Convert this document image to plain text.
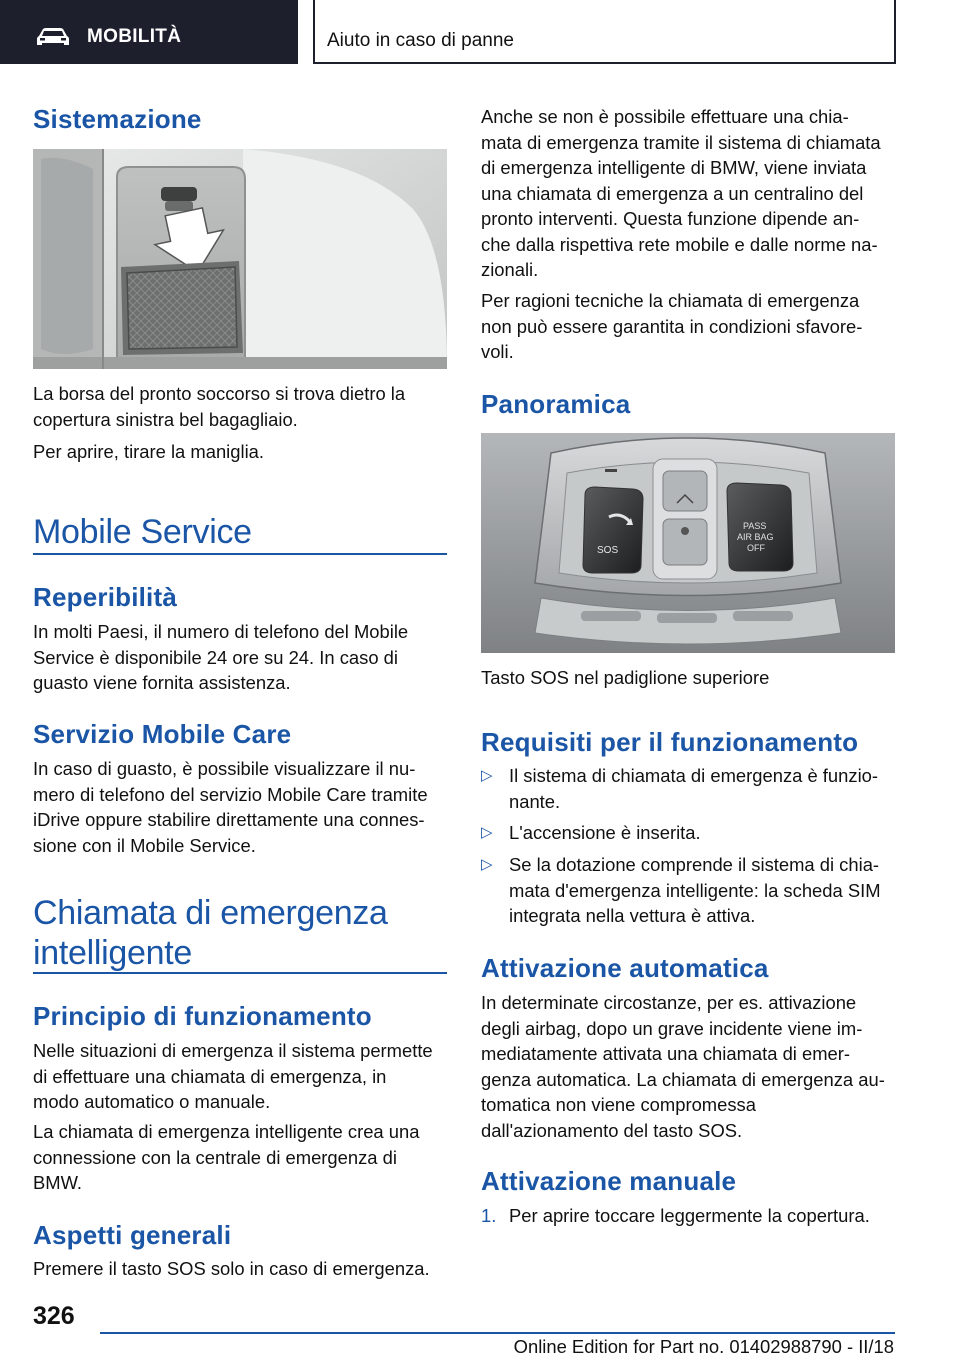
MOBILITÀ	Aiuto in caso di panne
Sistemazione
La borsa del pronto soccorso si trova dietro la
copertura sinistra bel bagagliaio.
Per aprire, tirare la maniglia.
Mobile Service
Reperibilità
In molti Paesi, il numero di telefono del Mobile
Service è disponibile 24 ore su 24. In caso di
guasto viene fornita assistenza.
Servizio Mobile Care
In caso di guasto, è possibile visualizzare il nu-
mero di telefono del servizio Mobile Care tramite
iDrive oppure stabilire direttamente una connes-
sione con il Mobile Service.
Chiamata di emergenza
intelligente
Principio di funzionamento
Nelle situazioni di emergenza il sistema permette
di effettuare una chiamata di emergenza, in
modo automatico o manuale.
La chiamata di emergenza intelligente crea una
connessione con la centrale di emergenza di
BMW.
Aspetti generali
Premere il tasto SOS solo in caso di emergenza.
Anche se non è possibile effettuare una chia-
mata di emergenza tramite il sistema di chiamata
di emergenza intelligente di BMW, viene inviata
una chiamata di emergenza a un centralino del
pronto interventi. Questa funzione dipende an-
che dalla rispettiva rete mobile e dalle norme na-
zionali.
Per ragioni tecniche la chiamata di emergenza
non può essere garantita in condizioni sfavore-
voli.
Panoramica
SOS
PASS
AIR BAG
OFF
Tasto SOS nel padiglione superiore
Requisiti per il funzionamento
▷ Il sistema di chiamata di emergenza è funzio-
nante.
▷ L'accensione è inserita.
▷ Se la dotazione comprende il sistema di chia-
mata d'emergenza intelligente: la scheda SIM
integrata nella vettura è attiva.
Attivazione automatica
In determinate circostanze, per es. attivazione
degli airbag, dopo un grave incidente viene im-
mediatamente attivata una chiamata di emer-
genza automatica. La chiamata di emergenza au-
tomatica non viene compromessa
dall'azionamento del tasto SOS.
Attivazione manuale
1. Per aprire toccare leggermente la copertura.
326
Online Edition for Part no. 01402988790 - II/18
